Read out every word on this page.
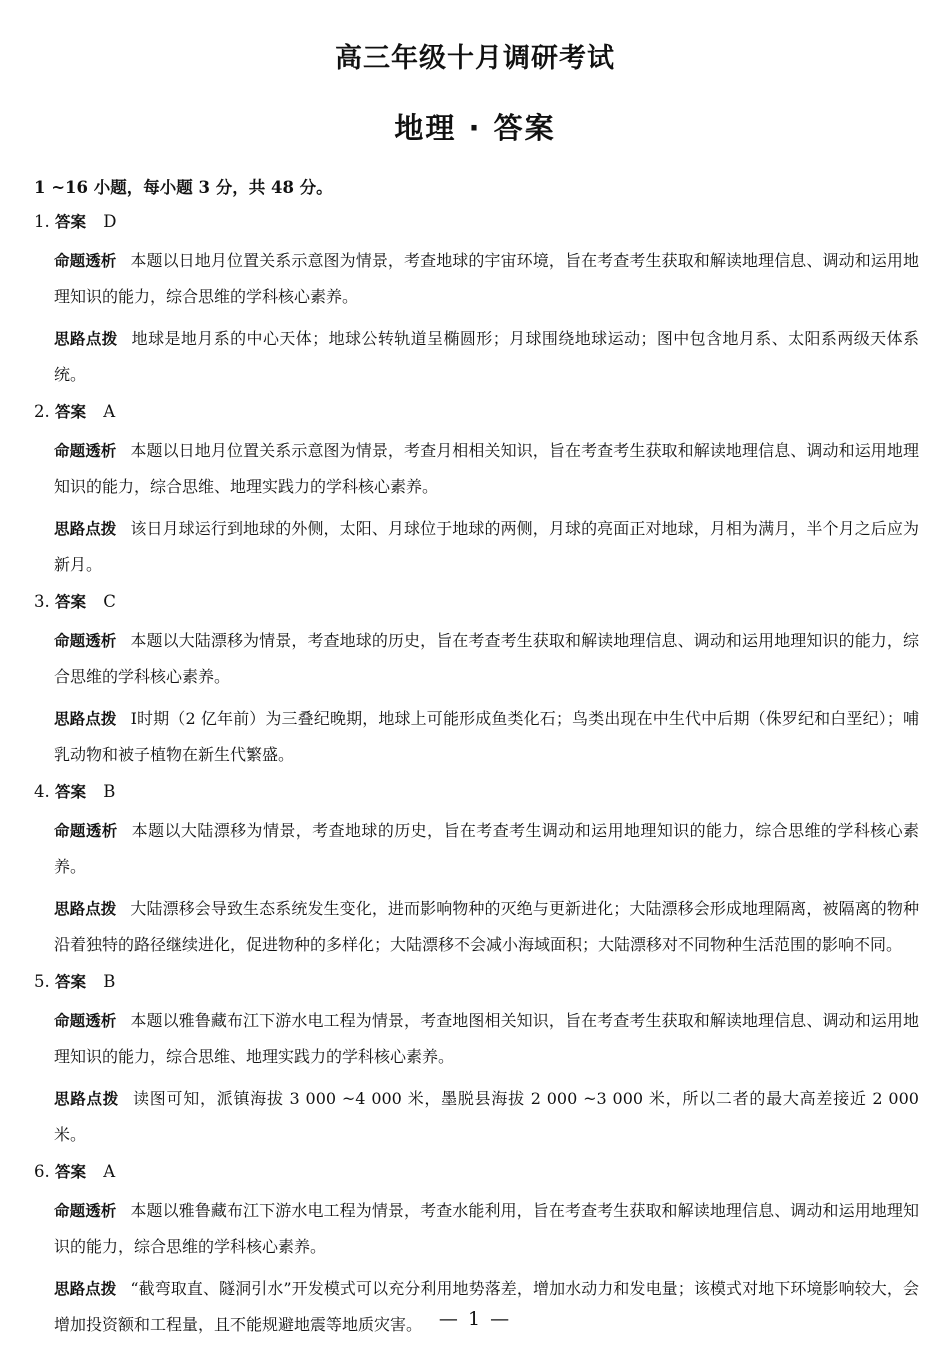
高三年级十月调研考试
地理 · 答案
1 ~16 小题，每小题 3 分，共 48 分。
1. 答案 D
命题透析 本题以日地月位置关系示意图为情景，考查地球的宇宙环境，旨在考查考生获取和解读地理信息、调动和运用地理知识的能力，综合思维的学科核心素养。
思路点拨 地球是地月系的中心天体；地球公转轨道呈椭圆形；月球围绕地球运动；图中包含地月系、太阳系两级天体系统。
2. 答案 A
命题透析 本题以日地月位置关系示意图为情景，考查月相相关知识，旨在考查考生获取和解读地理信息、调动和运用地理知识的能力，综合思维、地理实践力的学科核心素养。
思路点拨 该日月球运行到地球的外侧，太阳、月球位于地球的两侧，月球的亮面正对地球，月相为满月，半个月之后应为新月。
3. 答案 C
命题透析 本题以大陆漂移为情景，考查地球的历史，旨在考查考生获取和解读地理信息、调动和运用地理知识的能力，综合思维的学科核心素养。
思路点拨 Ⅰ时期（2 亿年前）为三叠纪晚期，地球上可能形成鱼类化石；鸟类出现在中生代中后期（侏罗纪和白垩纪）；哺乳动物和被子植物在新生代繁盛。
4. 答案 B
命题透析 本题以大陆漂移为情景，考查地球的历史，旨在考查考生调动和运用地理知识的能力，综合思维的学科核心素养。
思路点拨 大陆漂移会导致生态系统发生变化，进而影响物种的灭绝与更新进化；大陆漂移会形成地理隔离，被隔离的物种沿着独特的路径继续进化，促进物种的多样化；大陆漂移不会减小海域面积；大陆漂移对不同物种生活范围的影响不同。
5. 答案 B
命题透析 本题以雅鲁藏布江下游水电工程为情景，考查地图相关知识，旨在考查考生获取和解读地理信息、调动和运用地理知识的能力，综合思维、地理实践力的学科核心素养。
思路点拨 读图可知，派镇海拔 3 000 ~4 000 米，墨脱县海拔 2 000 ~3 000 米，所以二者的最大高差接近 2 000 米。
6. 答案 A
命题透析 本题以雅鲁藏布江下游水电工程为情景，考查水能利用，旨在考查考生获取和解读地理信息、调动和运用地理知识的能力，综合思维的学科核心素养。
思路点拨 “截弯取直、隧洞引水”开发模式可以充分利用地势落差，增加水动力和发电量；该模式对地下环境影响较大，会增加投资额和工程量，且不能规避地震等地质灾害。 — 1 —
